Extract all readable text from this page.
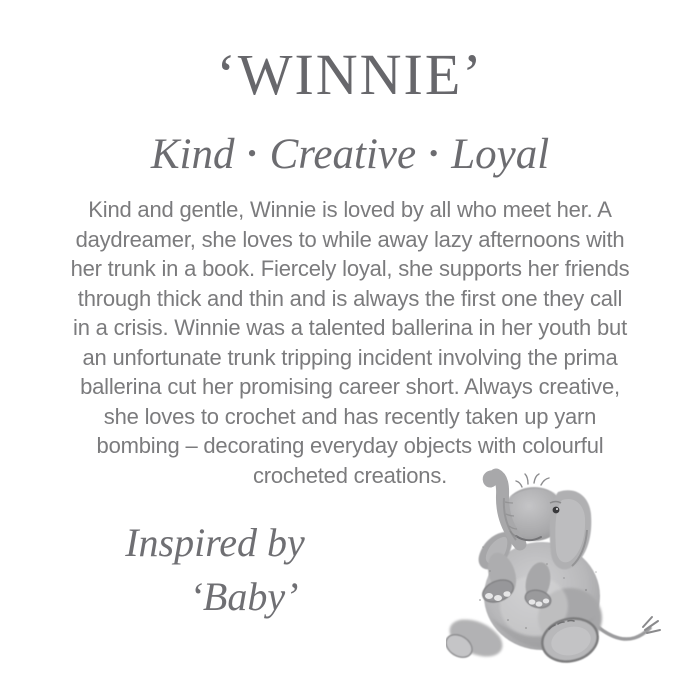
‘WINNIE’
Kind • Creative • Loyal
Kind and gentle, Winnie is loved by all who meet her. A
daydreamer, she loves to while away lazy afternoons with
her trunk in a book. Fiercely loyal, she supports her friends
through thick and thin and is always the first one they call
in a crisis. Winnie was a talented ballerina in her youth but
an unfortunate trunk tripping incident involving the prima
ballerina cut her promising career short. Always creative,
she loves to crochet and has recently taken up yarn
bombing – decorating everyday objects with colourful
crocheted creations.
Inspired by
‘Baby’
